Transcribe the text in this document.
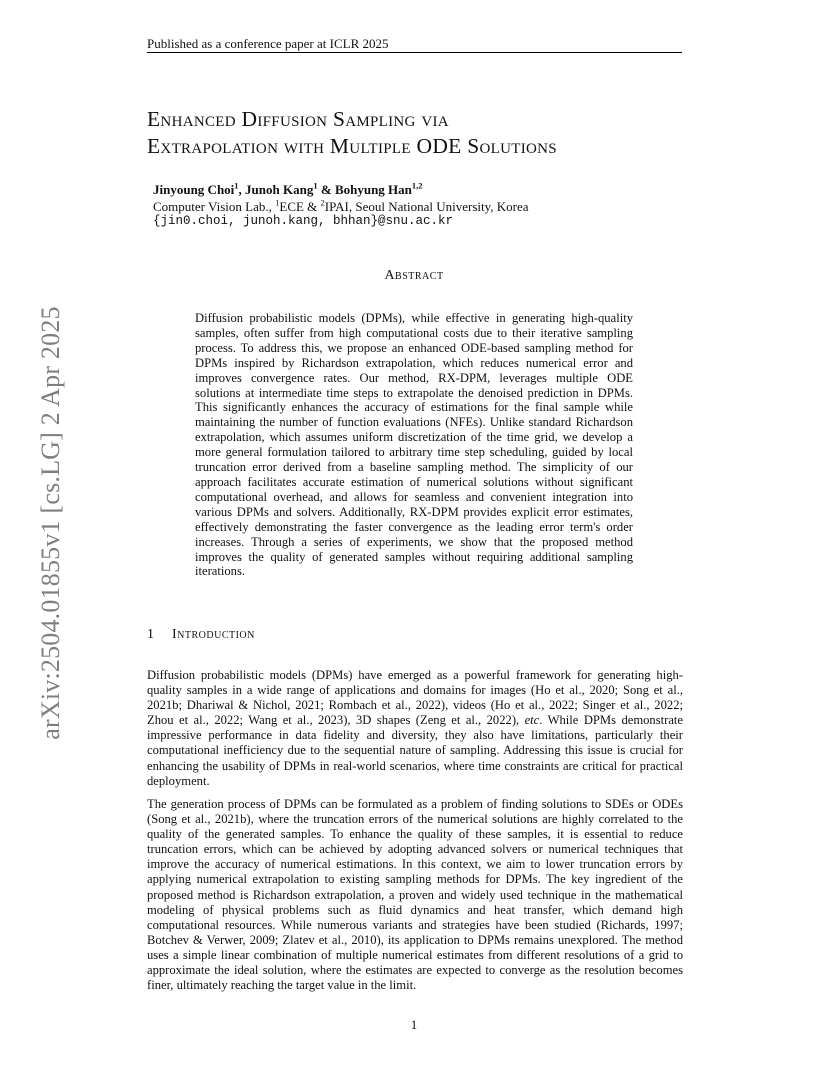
Published as a conference paper at ICLR 2025
arXiv:2504.01855v1 [cs.LG] 2 Apr 2025
Enhanced Diffusion Sampling via
Extrapolation with Multiple ODE Solutions
Jinyoung Choi$^1$, Junoh Kang$^1$ & Bohyung Han$^{1,2}$
Computer Vision Lab., $^1$ECE & $^2$IPAI, Seoul National University, Korea
{jin0.choi, junoh.kang, bhhan}@snu.ac.kr
Abstract
Diffusion probabilistic models (DPMs), while effective in generating high-quality samples, often suffer from high computational costs due to their iterative sampling process. To address this, we propose an enhanced ODE-based sampling method for DPMs inspired by Richardson extrapolation, which reduces numerical error and improves convergence rates. Our method, RX-DPM, leverages multiple ODE solutions at intermediate time steps to extrapolate the denoised prediction in DPMs. This significantly enhances the accuracy of estimations for the final sample while maintaining the number of function evaluations (NFEs). Unlike standard Richardson extrapolation, which assumes uniform discretization of the time grid, we develop a more general formulation tailored to arbitrary time step scheduling, guided by local truncation error derived from a baseline sampling method. The simplicity of our approach facilitates accurate estimation of numerical solutions without significant computational overhead, and allows for seamless and convenient integration into various DPMs and solvers. Additionally, RX-DPM provides explicit error estimates, effectively demonstrating the faster convergence as the leading error term's order increases. Through a series of experiments, we show that the proposed method improves the quality of generated samples without requiring additional sampling iterations.
1 Introduction
Diffusion probabilistic models (DPMs) have emerged as a powerful framework for generating high-quality samples in a wide range of applications and domains for images (Ho et al., 2020; Song et al., 2021b; Dhariwal & Nichol, 2021; Rombach et al., 2022), videos (Ho et al., 2022; Singer et al., 2022; Zhou et al., 2022; Wang et al., 2023), 3D shapes (Zeng et al., 2022), etc. While DPMs demonstrate impressive performance in data fidelity and diversity, they also have limitations, particularly their computational inefficiency due to the sequential nature of sampling. Addressing this issue is crucial for enhancing the usability of DPMs in real-world scenarios, where time constraints are critical for practical deployment.
The generation process of DPMs can be formulated as a problem of finding solutions to SDEs or ODEs (Song et al., 2021b), where the truncation errors of the numerical solutions are highly correlated to the quality of the generated samples. To enhance the quality of these samples, it is essential to reduce truncation errors, which can be achieved by adopting advanced solvers or numerical techniques that improve the accuracy of numerical estimations. In this context, we aim to lower truncation errors by applying numerical extrapolation to existing sampling methods for DPMs. The key ingredient of the proposed method is Richardson extrapolation, a proven and widely used technique in the mathematical modeling of physical problems such as fluid dynamics and heat transfer, which demand high computational resources. While numerous variants and strategies have been studied (Richards, 1997; Botchev & Verwer, 2009; Zlatev et al., 2010), its application to DPMs remains unexplored. The method uses a simple linear combination of multiple numerical estimates from different resolutions of a grid to approximate the ideal solution, where the estimates are expected to converge as the resolution becomes finer, ultimately reaching the target value in the limit.
1
